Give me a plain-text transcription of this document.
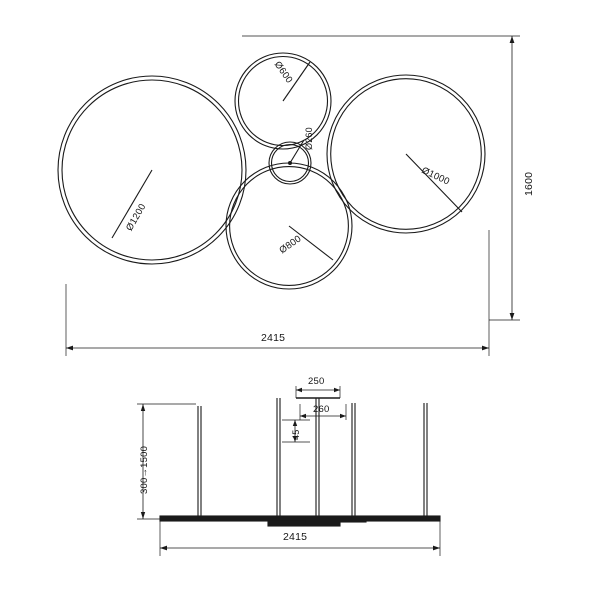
Ø1200
Ø600
Ø1000
Ø800
Ø260
2415
1600
250
260
45
300→1500
2415
